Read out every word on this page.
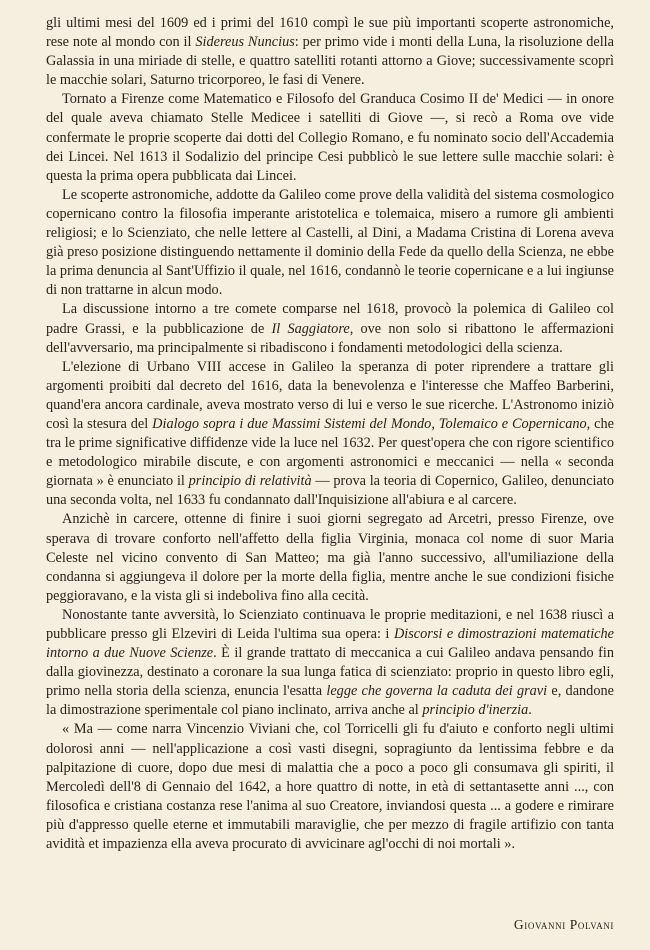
gli ultimi mesi del 1609 ed i primi del 1610 compì le sue più importanti scoperte astronomiche, rese note al mondo con il Sidereus Nuncius: per primo vide i monti della Luna, la risoluzione della Galassia in una miriade di stelle, e quattro satelliti rotanti attorno a Giove; successivamente scoprì le macchie solari, Saturno tricorporeo, le fasi di Venere.

Tornato a Firenze come Matematico e Filosofo del Granduca Cosimo II de' Medici — in onore del quale aveva chiamato Stelle Medicee i satelliti di Giove —, si recò a Roma ove vide confermate le proprie scoperte dai dotti del Collegio Romano, e fu nominato socio dell'Accademia dei Lincei. Nel 1613 il Sodalizio del principe Cesi pubblicò le sue lettere sulle macchie solari: è questa la prima opera pubblicata dai Lincei.

Le scoperte astronomiche, addotte da Galileo come prove della validità del sistema cosmologico copernicano contro la filosofia imperante aristotelica e tolemaica, misero a rumore gli ambienti religiosi; e lo Scienziato, che nelle lettere al Castelli, al Dini, a Madama Cristina di Lorena aveva già preso posizione distinguendo nettamente il dominio della Fede da quello della Scienza, ne ebbe la prima denuncia al Sant'Uffizio il quale, nel 1616, condannò le teorie copernicane e a lui ingiunse di non trattarne in alcun modo.

La discussione intorno a tre comete comparse nel 1618, provocò la polemica di Galileo col padre Grassi, e la pubblicazione de Il Saggiatore, ove non solo si ribattono le affermazioni dell'avversario, ma principalmente si ribadiscono i fondamenti metodologici della scienza.

L'elezione di Urbano VIII accese in Galileo la speranza di poter riprendere a trattare gli argomenti proibiti dal decreto del 1616, data la benevolenza e l'interesse che Maffeo Barberini, quand'era ancora cardinale, aveva mostrato verso di lui e verso le sue ricerche. L'Astronomo iniziò così la stesura del Dialogo sopra i due Massimi Sistemi del Mondo, Tolemaico e Copernicano, che tra le prime significative diffidenze vide la luce nel 1632. Per quest'opera che con rigore scientifico e metodologico mirabile discute, e con argomenti astronomici e meccanici — nella « seconda giornata » è enunciato il principio di relatività — prova la teoria di Copernico, Galileo, denunciato una seconda volta, nel 1633 fu condannato dall'Inquisizione all'abiura e al carcere.

Anzichè in carcere, ottenne di finire i suoi giorni segregato ad Arcetri, presso Firenze, ove sperava di trovare conforto nell'affetto della figlia Virginia, monaca col nome di suor Maria Celeste nel vicino convento di San Matteo; ma già l'anno successivo, all'umiliazione della condanna si aggiungeva il dolore per la morte della figlia, mentre anche le sue condizioni fisiche peggioravano, e la vista gli si indeboliva fino alla cecità.

Nonostante tante avversità, lo Scienziato continuava le proprie meditazioni, e nel 1638 riuscì a pubblicare presso gli Elzeviri di Leida l'ultima sua opera: i Discorsi e dimostrazioni matematiche intorno a due Nuove Scienze. È il grande trattato di meccanica a cui Galileo andava pensando fin dalla giovinezza, destinato a coronare la sua lunga fatica di scienziato: proprio in questo libro egli, primo nella storia della scienza, enuncia l'esatta legge che governa la caduta dei gravi e, dandone la dimostrazione sperimentale col piano inclinato, arriva anche al principio d'inerzia.

« Ma — come narra Vincenzio Viviani che, col Torricelli gli fu d'aiuto e conforto negli ultimi dolorosi anni — nell'applicazione a così vasti disegni, sopragiunto da lentissima febbre e da palpitazione di cuore, dopo due mesi di malattia che a poco a poco gli consumava gli spiriti, il Mercoledì dell'8 di Gennaio del 1642, a hore quattro di notte, in età di settantasette anni ..., con filosofica e cristiana costanza rese l'anima al suo Creatore, inviandosi questa ... a godere e rimirare più d'appresso quelle eterne et immutabili maraviglie, che per mezzo di fragile artifizio con tanta avidità et impazienza ella aveva procurato di avvicinare agl'occhi di noi mortali ».

Giovanni Polvani
